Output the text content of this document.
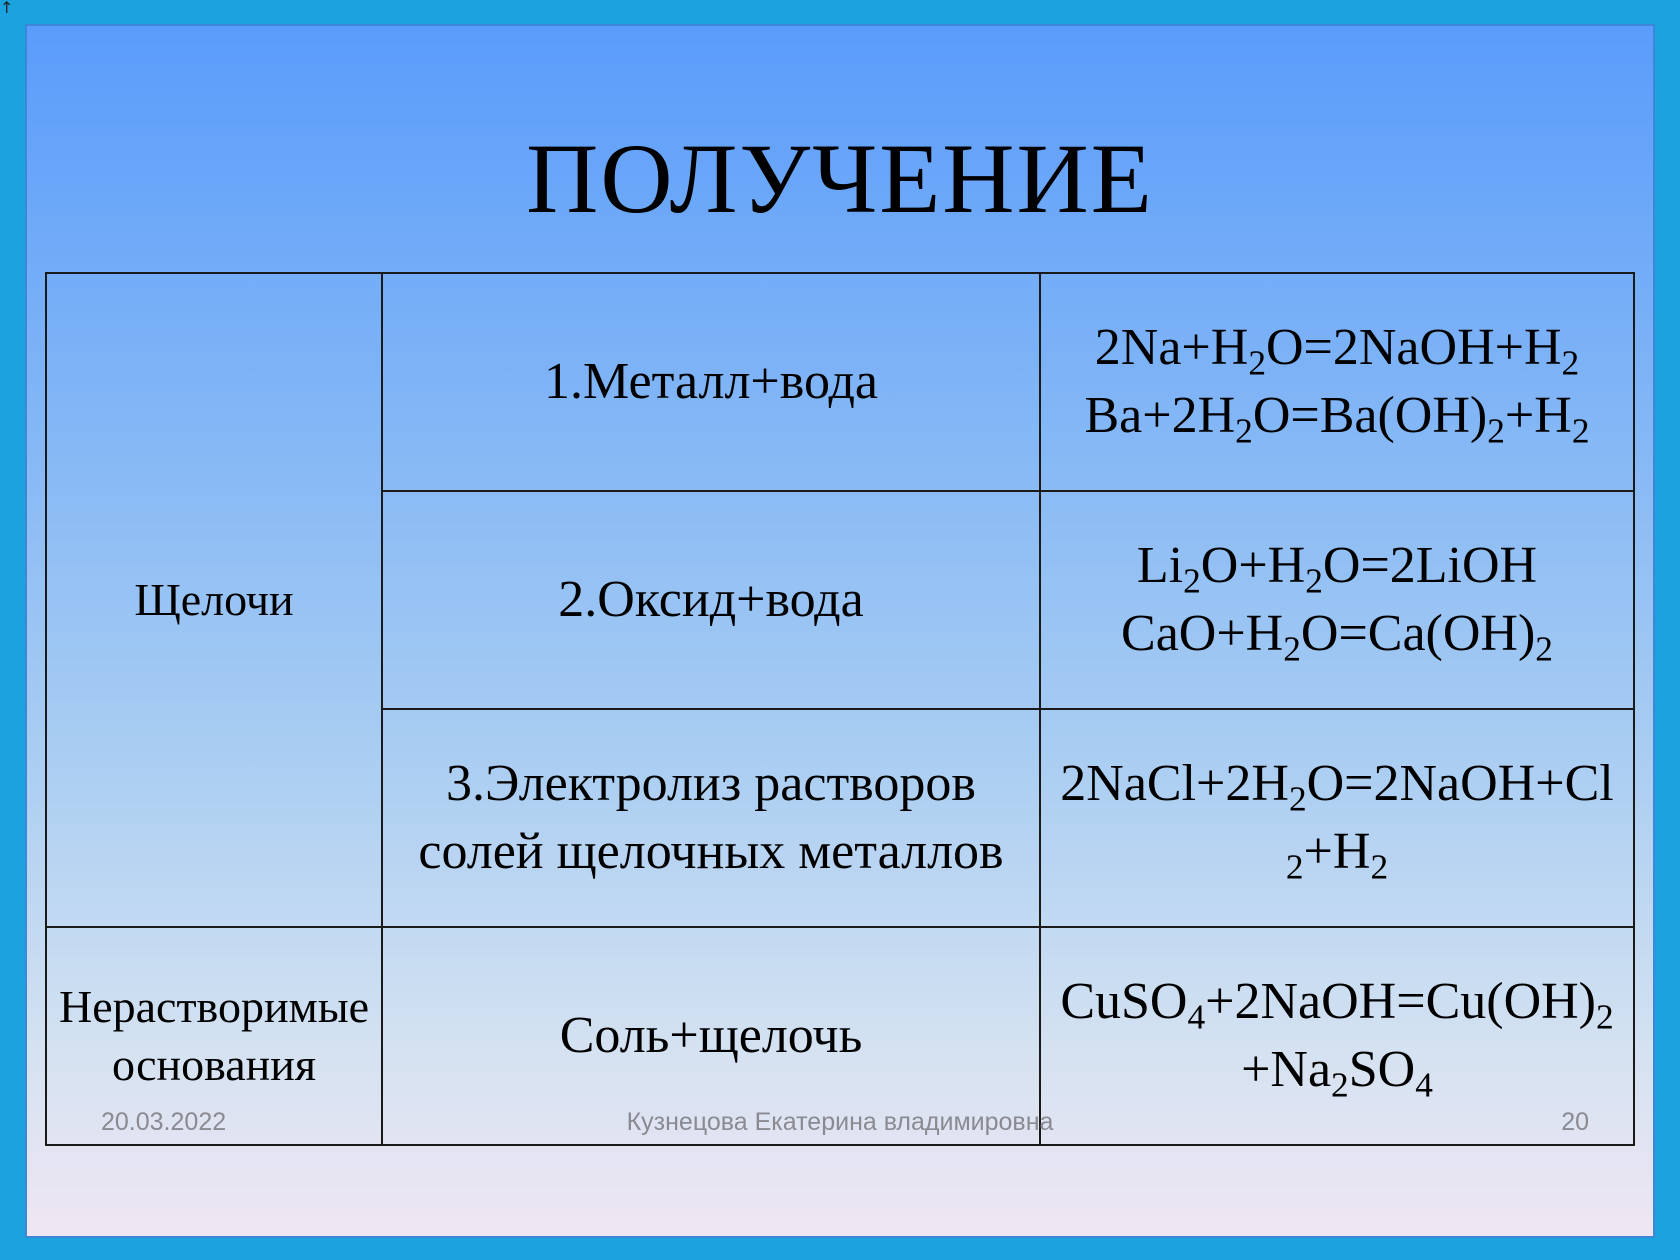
↑
ПОЛУЧЕНИЕ
Щелочи	1.Металл+вода	$2Na+H_2O=2NaOH+H_2$
$Ba+2H_2O=Ba(OH)_2+H_2$

	2.Оксид+вода	$Li_2O+H_2O=2LiOH$
$CaO+H_2O=Ca(OH)_2$

	3.Электролиз растворов
солей щелочных металлов	$2NaCl+2H_2O=2NaOH+Cl$
$_2+H_2$

Нерастворимые
основания	Соль+щелочь	$CuSO_4+2NaOH=Cu(OH)_2$
$+Na_2SO_4$
20.03.2022	Кузнецова Екатерина владимировна	20
